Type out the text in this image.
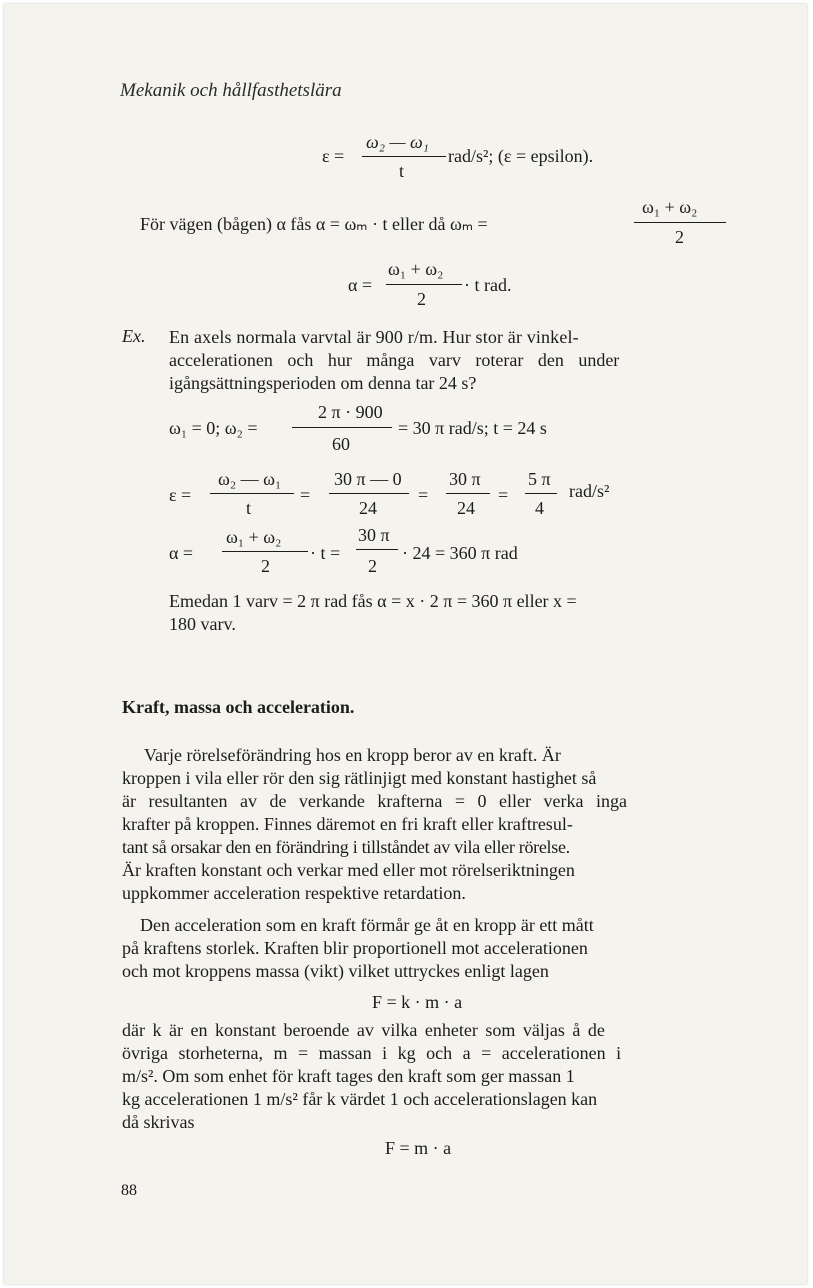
Mekanik och hållfasthetslära
ε =
ω₂ — ω₁
t
rad/s²; (ε = epsilon).
För vägen (bågen) α fås α = ωₘ · t eller då ωₘ =
ω₁ + ω₂
2
α =
ω₁ + ω₂
2
· t rad.
Ex. En axels normala varvtal är 900 r/m. Hur stor är vinkel-
accelerationen och hur många varv roterar den under
igångsättningsperioden om denna tar 24 s?
ω₁ = 0; ω₂ =
2 π · 900
60
= 30 π rad/s; t = 24 s
ε =
ω₂ — ω₁
t
=
30 π — 0
24
=
30 π
24
=
5 π
4
rad/s²
α =
ω₁ + ω₂
2
· t =
30 π
2
· 24 = 360 π rad
Emedan 1 varv = 2 π rad fås α = x · 2 π = 360 π eller x =
180 varv.
Kraft, massa och acceleration.
Varje rörelseförändring hos en kropp beror av en kraft. Är
kroppen i vila eller rör den sig rätlinjigt med konstant hastighet så
är resultanten av de verkande krafterna = 0 eller verka inga
krafter på kroppen. Finnes däremot en fri kraft eller kraftresul-
tant så orsakar den en förändring i tillståndet av vila eller rörelse.
Är kraften konstant och verkar med eller mot rörelseriktningen
uppkommer acceleration respektive retardation.
Den acceleration som en kraft förmår ge åt en kropp är ett mått
på kraftens storlek. Kraften blir proportionell mot accelerationen
och mot kroppens massa (vikt) vilket uttryckes enligt lagen
F = k · m · a
där k är en konstant beroende av vilka enheter som väljas å de
övriga storheterna, m = massan i kg och a = accelerationen i
m/s². Om som enhet för kraft tages den kraft som ger massan 1
kg accelerationen 1 m/s² får k värdet 1 och accelerationslagen kan
då skrivas
F = m · a
88
